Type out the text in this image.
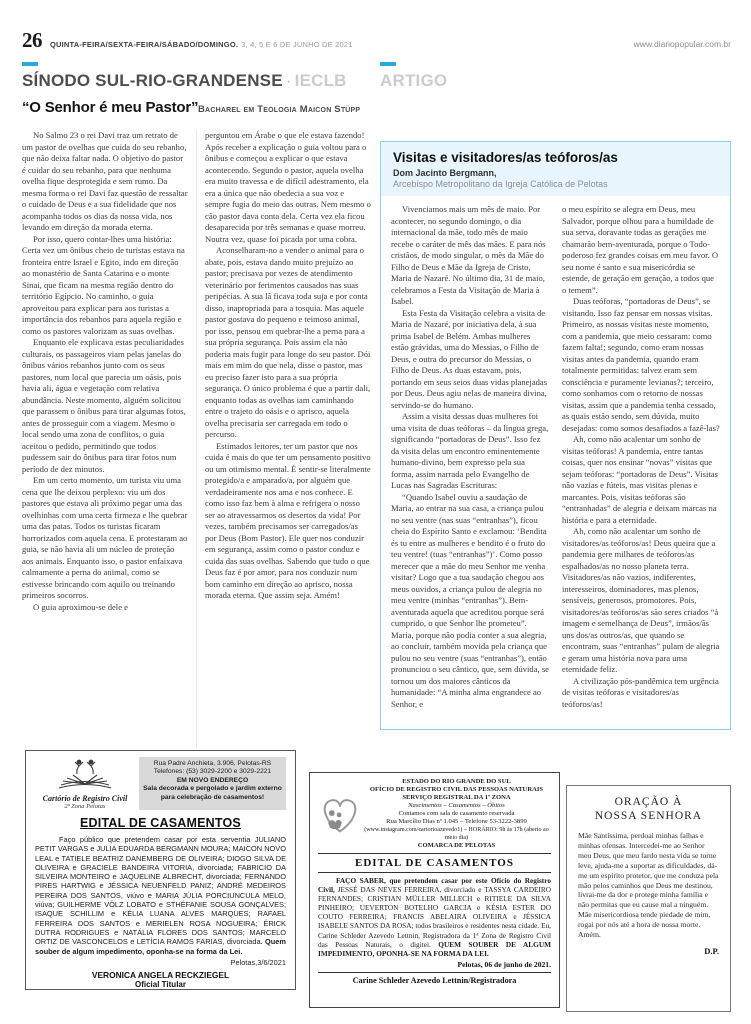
26 QUINTA-FEIRA/SEXTA-FEIRA/SÁBADO/DOMINGO. 3, 4, 5 E 6 DE JUNHO DE 2021	www.diariopopular.com.br
SÍNODO SUL-RIO-GRANDENSE · IECLB
“O Senhor é meu Pastor” Bacharel em Teologia Maicon Stüpp

No Salmo 23 o rei Davi traz um retrato de um pastor de ovelhas que cuida do seu rebanho, que não deixa faltar nada. O objetivo do pastor é cuidar do seu rebanho, para que nenhuma ovelha fique desprotegida e sem rumo. Da mesma forma o rei Davi faz questão de ressaltar o cuidado de Deus e a sua fidelidade que nos acompanha todos os dias da nossa vida, nos levando em direção da morada eterna.

Por isso, quero contar-lhes uma história: Certa vez um ônibus cheio de turistas estava na fronteira entre Israel e Egito, indo em direção ao monastério de Santa Catarina e o monte Sinai, que ficam na mesma região dentro do território Egípcio. No caminho, o guia aproveitou para explicar para aos turistas a importância dos rebanhos para aquela região e como os pastores valorizam as suas ovelhas.

Enquanto ele explicava estas peculiaridades culturais, os passageiros viam pelas janelas do ônibus vários rebanhos junto com os seus pastores, num local que parecia um oásis, pois havia ali, água e vegetação com relativa abundância. Neste momento, alguém solicitou que parassem o ônibus para tirar algumas fotos, antes de prosseguir com a viagem. Mesmo o local sendo uma zona de conflitos, o guia aceitou o pedido, permitindo que todos pudessem sair do ônibus para tirar fotos num período de dez minutos.

Em um certo momento, um turista viu uma cena que lhe deixou perplexo: viu um dos pastores que estava ali próximo pegar uma das ovelhinhas com uma certa firmeza e lhe quebrar uma das patas. Todos os turistas ficaram horrorizados com aquela cena. E protestaram ao guia, se não havia ali um núcleo de proteção aos animais. Enquanto isso, o pastor enfaixava calmamente a perna do animal, como se estivesse brincando com aquilo ou treinando primeiros socorros.

O guia aproximou-se dele e

perguntou em Árabe o que ele estava fazendo! Após receber a explicação o guia voltou para o ônibus e começou a explicar o que estava acontecendo. Segundo o pastor, aquela ovelha era muito travessa e de difícil adestramento, ela era a única que não obedecia a sua voz e sempre fugia do meio das outras. Nem mesmo o cão pastor dava conta dela. Certa vez ela ficou desaparecida por três semanas e quase morreu. Noutra vez, quase foi picada por uma cobra.

Aconselharam-no a vender o animal para o abate, pois, estava dando muito prejuízo ao pastor; precisava por vezes de atendimento veterinário por ferimentos causados nas suas peripécias. A sua lã ficava toda suja e por conta disso, inapropriada para a tosquia. Mas aquele pastor gostava do pequeno e teimoso animal, por isso, pensou em quebrar-lhe a perna para a sua própria segurança. Pois assim ela não poderia mais fugir para longe do seu pastor. Dói mais em mim do que nela, disse o pastor, mas eu preciso fazer isto para a sua própria segurança. O único problema é que a partir dali, enquanto todas as ovelhas iam caminhando entre o trajeto do oásis e o aprisco, aquela ovelha precisaria ser carregada em todo o percurso.

Estimados leitores, ter um pastor que nos cuida é mais do que ter um pensamento positivo ou um otimismo mental. É sentir-se literalmente protegido/a e amparado/a, por alguém que verdadeiramente nos ama e nos conhece. E como isso faz bem à alma e refrigera o nosso ser ao atravessarmos os desertos da vida! Por vezes, também precisamos ser carregados/as por Deus (Bom Pastor). Ele quer nos conduzir em segurança, assim como o pastor conduz e cuida das suas ovelhas. Sabendo que tudo o que Deus faz é por amor, para nos conduzir num bom caminho em direção ao aprisco, nossa morada eterna. Que assim seja. Amém!

ARTIGO
Visitas e visitadores/as teóforos/as
Dom Jacinto Bergmann,
Arcebispo Metropolitano da Igreja Católica de Pelotas

Vivenciamos mais um mês de maio. Por acontecer, no segundo domingo, o dia internacional da mãe, todo mês de maio recebe o caráter de mês das mães. E para nós cristãos, de modo singular, o mês da Mãe do Filho de Deus e Mãe da Igreja de Cristo, Maria de Nazaré. No último dia, 31 de maio, celebramos a Festa da Visitação de Maria à Isabel.

Esta Festa da Visitação celebra a visita de Maria de Nazaré, por iniciativa dela, à sua prima Isabel de Belém. Ambas mulheres estão grávidas, uma do Messias, o Filho de Deus, e outra do precursor do Messias, o Filho de Deus. As duas estavam, pois, portando em seus seios duas vidas planejadas por Deus. Deus agiu nelas de maneira divina, servindo-se do humano.

Assim a visita dessas duas mulheres foi uma visita de duas teóforas – da língua grega, significando “portadoras de Deus”. Isso fez da visita delas um encontro eminentemente humano-divino, bem expresso pela sua forma, assim narrada pelo Evangelho de Lucas nas Sagradas Escrituras:

“Quando Isabel ouviu a saudação de Maria, ao entrar na sua casa, a criança pulou no seu ventre (nas suas “entranhas”), ficou cheia do Espírito Santo e exclamou: ‘Bendita és tu entre as mulheres e bendito é o fruto do teu ventre! (tuas “entranhas”)’. Como posso merecer que a mãe do meu Senhor me venha visitar? Logo que a tua saudação chegou aos meus ouvidos, a criança pulou de alegria no meu ventre (minhas “entranhas”). Bem-aventurada aquela que acreditou porque será cumprido, o que Senhor lhe prometeu”. Maria, porque não podia conter a sua alegria, ao concluir, também movida pela criança que pulou no seu ventre (suas “entranhas”), então pronunciou o seu cântico, que, sem dúvida, se tornou um dos maiores cânticos da humanidade: “A minha alma engrandece ao Senhor, e

o meu espírito se alegra em Deus, meu Salvador, porque olhou para a humildade de sua serva, doravante todas as gerações me chamarão bem-aventurada, porque o Todo-poderoso fez grandes coisas em meu favor. O seu nome é santo e sua misericórdia se estende, de geração em geração, a todos que o temem”.

Duas teóforas, “portadoras de Deus”, se visitando. Isso faz pensar em nossas visitas. Primeiro, as nossas visitas neste momento, com a pandemia, que meio cessaram: como fazem falta!; segundo, como eram nossas visitas antes da pandemia, quando eram totalmente permitidas: talvez eram sem consciência e puramente levianas?; terceiro, como sonhamos com o retorno de nossas visitas, assim que a pandemia tenha cessado, as quais estão sendo, sem dúvida, muito desejadas: como somos desafiados a fazê-las?

Ah, como não acalentar um sonho de visitas teóforas! A pandemia, entre tantas coisas, quer nos ensinar “novas” visitas que sejam teóforas: “portadoras de Deus”. Visitas não vazias e fúteis, mas visitas plenas e marcantes. Pois, visitas teóforas são “entranhadas” de alegria e deixam marcas na história e para a eternidade.

Ah, como não acalentar um sonho de visitadores/as teóforos/as! Deus queira que a pandemia gere milhares de teóforos/as espalhados/as no nosso planeta terra. Visitadores/as não vazios, indiferentes, interesseiros, dominadores, mas plenos, sensíveis, generosos, promotores. Pois, visitadores/as teóforos/as são seres criados “à imagem e semelhança de Deus”, irmãos/ãs uns dos/as outros/as, que quando se encontram, suas “entranhas” pulam de alegria e geram uma história nova para uma eternidade feliz.

A civilização pós-pandêmica tem urgência de visitas teóforas e visitadores/as teóforos/as!

Cartório de Registro Civil
2ª Zona Pelotas

Rua Padre Anchieta, 3.906, Pelotas-RS

Telefones: (53) 3029-2200 e 3029-2221

EM NOVO ENDEREÇO

Sala decorada e pergolado e jardim externo

para celebração de casamentos!

EDITAL DE CASAMENTOS

Faço público que pretendem casar por esta serventia JULIANO PETIT VARGAS e JULIA EDUARDA BERGMANN MOURA; MAICON NOVO LEAL e TATIELE BEATRIZ DANEMBERG DE OLIVEIRA; DIOGO SILVA DE OLIVEIRA e GRACIELE BANDEIRA VITORIA, divorciada; FABRICIO DA SILVEIRA MONTEIRO e JAQUELINE ALBRECHT, divorciada; FERNANDO PIRES HARTWIG e JÉSSICA NEUENFELD PANIZ; ANDRÉ MEDEIROS PEREIRA DOS SANTOS, viúvo e MARIA JÚLIA PORCIUNCULA MELO, viúva; GUILHERME VÖLZ LOBATO e STHÉFANIE SOUSA GONÇALVES; ISAQUE SCHILLIM e KÉLIA LUANA ALVES MARQUES; RAFAEL FERREIRA DOS SANTOS e MERIELEN ROSA NOGUEIRA; ÉRICK DUTRA RODRIGUES e NATÁLIA FLORES DOS SANTOS; MARCELO ORTIZ DE VASCONCELOS e LETÍCIA RAMOS FARIAS, divorciada. Quem souber de algum impedimento, oponha-se na forma da Lei.

Pelotas,3/6/2021
VERONICA ANGELA RECKZIEGEL
Oficial Titular

ESTADO DO RIO GRANDE DO SUL

OFÍCIO DE REGISTRO CIVIL DAS PESSOAS NATURAIS

SERVIÇO REGISTRAL DA 1ª ZONA

Nascimentos – Casamentos – Óbitos

Contamos com sala de casamento reservada

Rua Marcílio Dias nº 1.045 – Telefone 53-3222-3899

(www.instagram.com/cartorioazevedo1) – HORÁRIO: 9h às 17h (aberto ao meio dia)

COMARCA DE PELOTAS

EDITAL DE CASAMENTOS

FAÇO SABER, que pretendem casar por este Ofício do Registro Civil, JESSÉ DAS NEVES FERREIRA, divorciado e TASSYA CARDEIRO FERNANDES; CRISTIAN MÜLLER MILLECH e RITIELE DA SILVA PINHEIRO; UEVERTON BOTELHO GARCIA e KÉSIA ESTER DO COUTO FERREIRA; FRANCIS ABELAIRA OLIVEIRA e JÉSSICA ISABELE SANTOS DA ROSA; todos brasileiros e residentes nesta cidade. Eu, Carine Schleder Azevedo Lettnin, Registradora da 1ª Zona de Registro Civil das Pessoas Naturais, o digitei. QUEM SOUBER DE ALGUM IMPEDIMENTO, OPONHA-SE NA FORMA DA LEI.

Pelotas, 06 de junho de 2021.
Carine Schleder Azevedo Lettnin/Registradora
ORAÇÃO À
NOSSA SENHORA

Mãe Santíssima, perdoai minhas falhas e minhas ofensas. Intercedei-me ao Senhor meu Deus, que meu fardo nesta vida se torne leve, ajuda-me a suportar as dificuldades, dá-me um espírito protetor, que me conduza pela mão pelos caminhos que Deus me destinou, livrai-me da dor e protege minha família e não permitas que eu cause mal a ninguém. Mãe misericordiosa tende piedade de mim, rogai por nós até a hora de nossa morte. Amém.

D.P.
